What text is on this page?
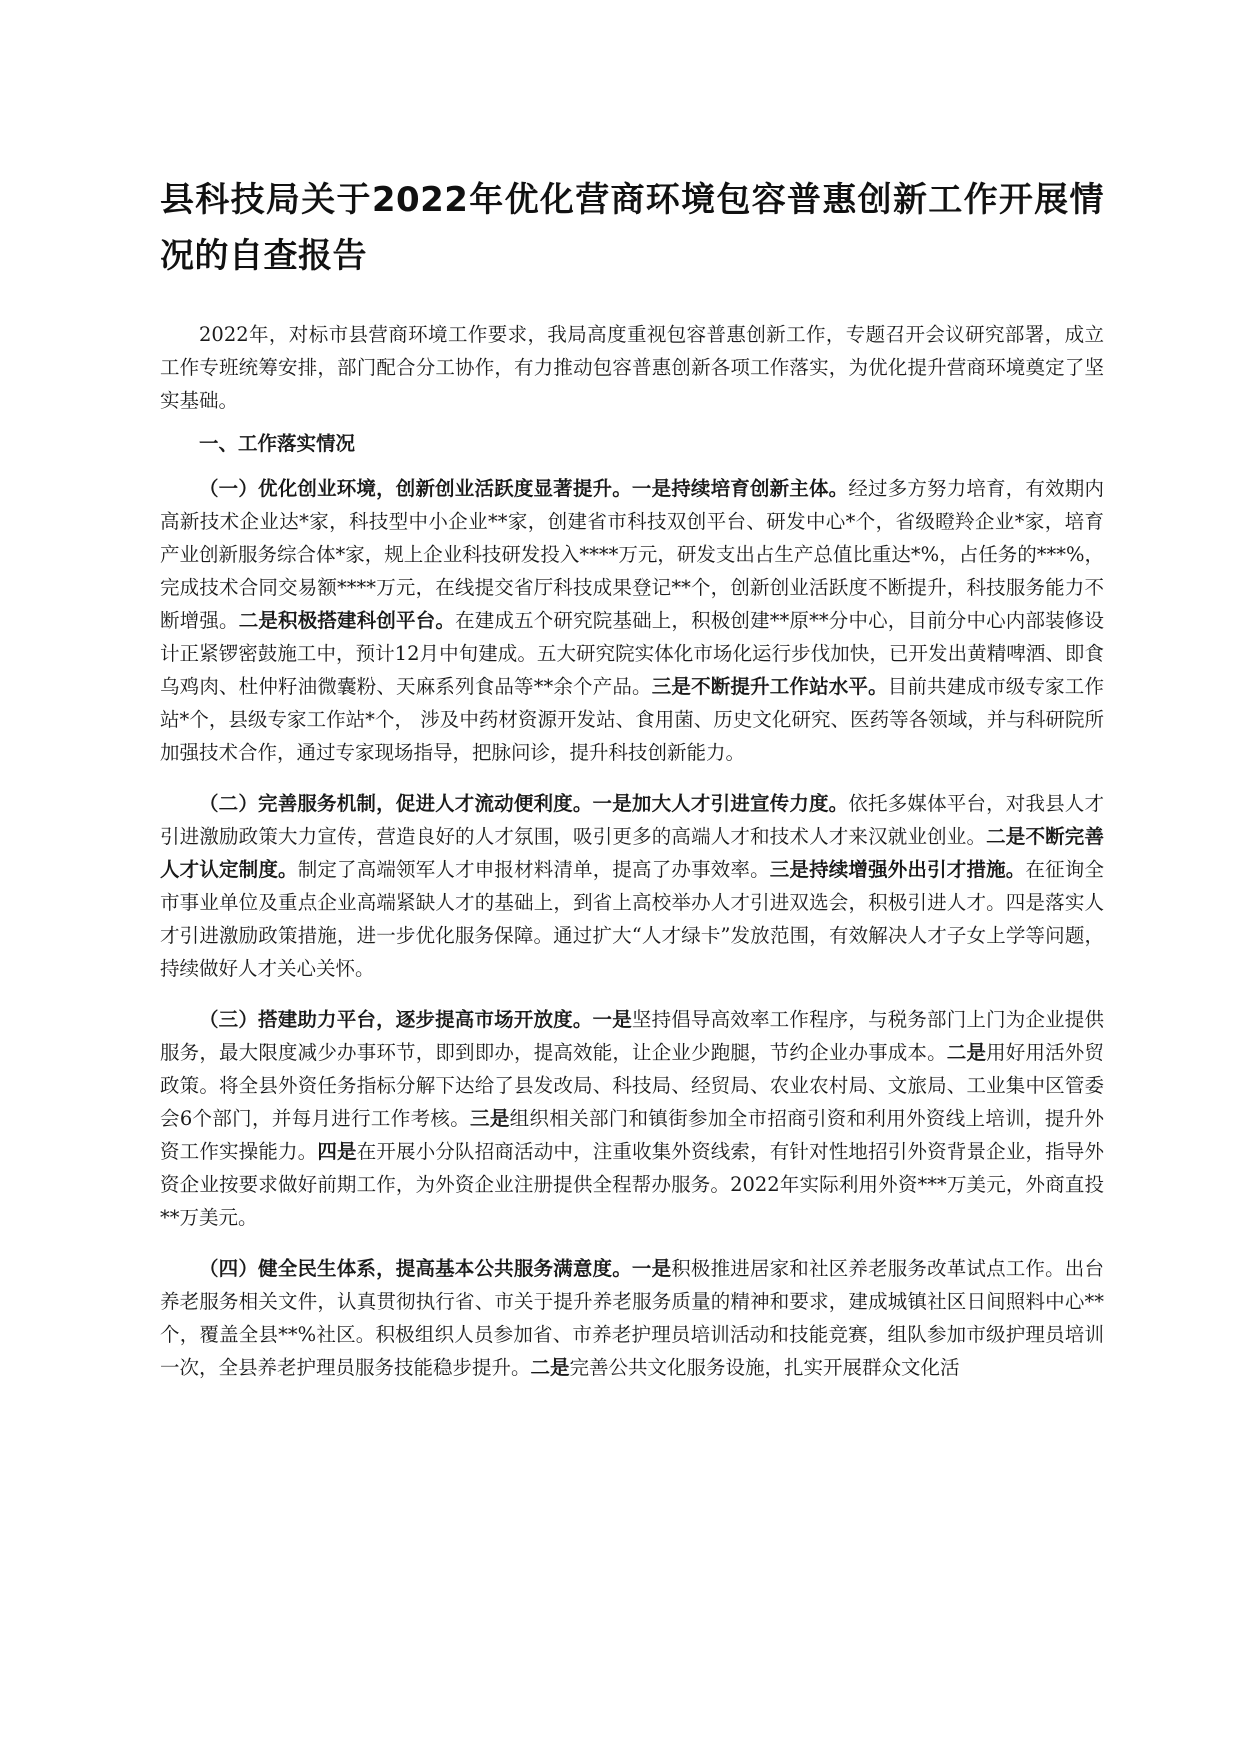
县科技局关于2022年优化营商环境包容普惠创新工作开展情况的自查报告

2022年，对标市县营商环境工作要求，我局高度重视包容普惠创新工作，专题召开会议研究部署，成立工作专班统筹安排，部门配合分工协作，有力推动包容普惠创新各项工作落实，为优化提升营商环境奠定了坚实基础。

一、工作落实情况

（一）优化创业环境，创新创业活跃度显著提升。一是持续培育创新主体。经过多方努力培育，有效期内高新技术企业达*家，科技型中小企业**家，创建省市科技双创平台、研发中心*个，省级瞪羚企业*家，培育产业创新服务综合体*家，规上企业科技研发投入****万元，研发支出占生产总值比重达*%，占任务的***%，完成技术合同交易额****万元，在线提交省厅科技成果登记**个，创新创业活跃度不断提升，科技服务能力不断增强。二是积极搭建科创平台。在建成五个研究院基础上，积极创建**原**分中心，目前分中心内部装修设计正紧锣密鼓施工中，预计12月中旬建成。五大研究院实体化市场化运行步伐加快，已开发出黄精啤酒、即食乌鸡肉、杜仲籽油微囊粉、天麻系列食品等**余个产品。三是不断提升工作站水平。目前共建成市级专家工作站*个，县级专家工作站*个， 涉及中药材资源开发站、食用菌、历史文化研究、医药等各领域，并与科研院所加强技术合作，通过专家现场指导，把脉问诊，提升科技创新能力。

（二）完善服务机制，促进人才流动便利度。一是加大人才引进宣传力度。依托多媒体平台，对我县人才引进激励政策大力宣传，营造良好的人才氛围，吸引更多的高端人才和技术人才来汉就业创业。二是不断完善人才认定制度。制定了高端领军人才申报材料清单，提高了办事效率。三是持续增强外出引才措施。在征询全市事业单位及重点企业高端紧缺人才的基础上，到省上高校举办人才引进双选会，积极引进人才。四是落实人才引进激励政策措施，进一步优化服务保障。通过扩大“人才绿卡”发放范围，有效解决人才子女上学等问题，持续做好人才关心关怀。

（三）搭建助力平台，逐步提高市场开放度。一是坚持倡导高效率工作程序，与税务部门上门为企业提供服务，最大限度减少办事环节，即到即办，提高效能，让企业少跑腿，节约企业办事成本。二是用好用活外贸政策。将全县外资任务指标分解下达给了县发改局、科技局、经贸局、农业农村局、文旅局、工业集中区管委会6个部门，并每月进行工作考核。三是组织相关部门和镇街参加全市招商引资和利用外资线上培训，提升外资工作实操能力。四是在开展小分队招商活动中，注重收集外资线索，有针对性地招引外资背景企业，指导外资企业按要求做好前期工作，为外资企业注册提供全程帮办服务。2022年实际利用外资***万美元，外商直投**万美元。

（四）健全民生体系，提高基本公共服务满意度。一是积极推进居家和社区养老服务改革试点工作。出台养老服务相关文件，认真贯彻执行省、市关于提升养老服务质量的精神和要求，建成城镇社区日间照料中心**个，覆盖全县**%社区。积极组织人员参加省、市养老护理员培训活动和技能竞赛，组队参加市级护理员培训一次，全县养老护理员服务技能稳步提升。二是完善公共文化服务设施，扎实开展群众文化活
